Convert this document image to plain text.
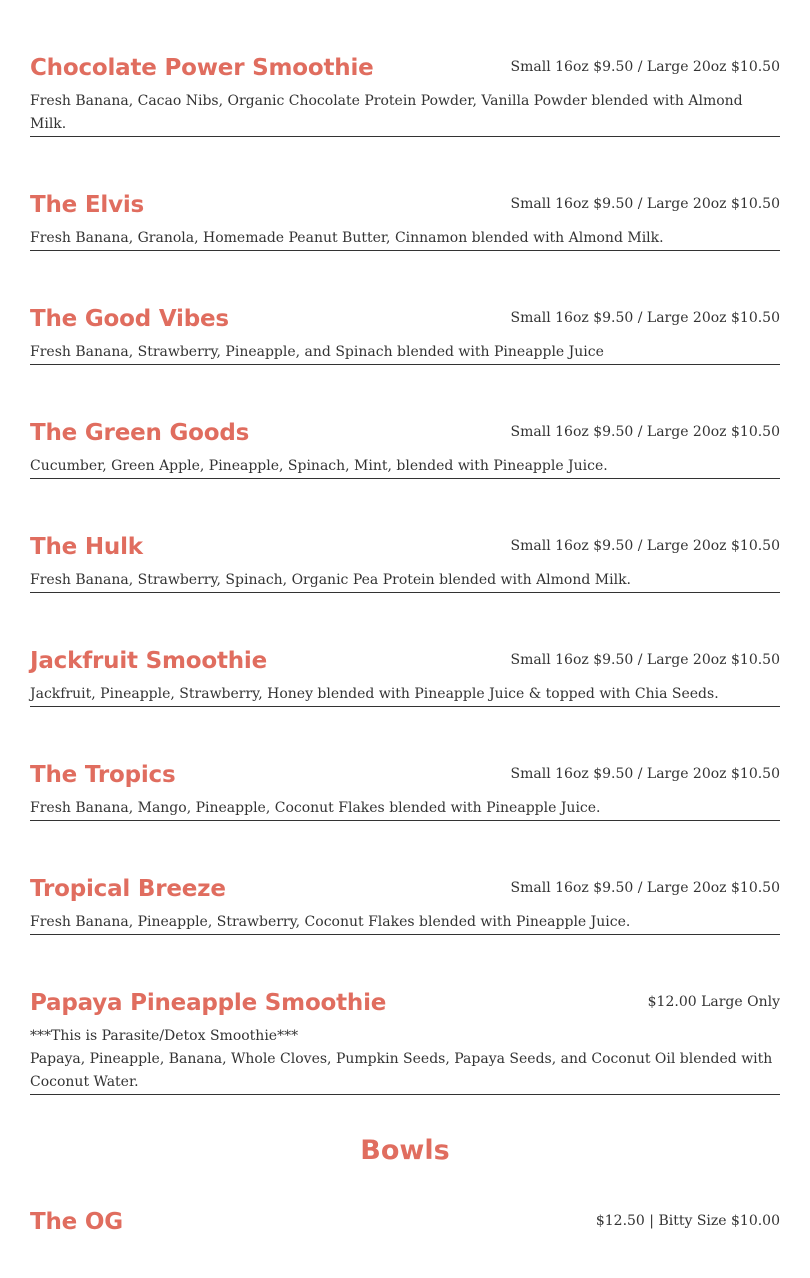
Chocolate Power Smoothie	Small 16oz $9.50 / Large 20oz $10.50
Fresh Banana, Cacao Nibs, Organic Chocolate Protein Powder, Vanilla Powder blended with Almond Milk.
The Elvis	Small 16oz $9.50 / Large 20oz $10.50
Fresh Banana, Granola, Homemade Peanut Butter, Cinnamon blended with Almond Milk.
The Good Vibes	Small 16oz $9.50 / Large 20oz $10.50
Fresh Banana, Strawberry, Pineapple, and Spinach blended with Pineapple Juice
The Green Goods	Small 16oz $9.50 / Large 20oz $10.50
Cucumber, Green Apple, Pineapple, Spinach, Mint, blended with Pineapple Juice.
The Hulk	Small 16oz $9.50 / Large 20oz $10.50
Fresh Banana, Strawberry, Spinach, Organic Pea Protein blended with Almond Milk.
Jackfruit Smoothie	Small 16oz $9.50 / Large 20oz $10.50
Jackfruit, Pineapple, Strawberry, Honey blended with Pineapple Juice & topped with Chia Seeds.
The Tropics	Small 16oz $9.50 / Large 20oz $10.50
Fresh Banana, Mango, Pineapple, Coconut Flakes blended with Pineapple Juice.
Tropical Breeze	Small 16oz $9.50 / Large 20oz $10.50
Fresh Banana, Pineapple, Strawberry, Coconut Flakes blended with Pineapple Juice.
Papaya Pineapple Smoothie	$12.00 Large Only

***This is Parasite/Detox Smoothie***

Papaya, Pineapple, Banana, Whole Cloves, Pumpkin Seeds, Papaya Seeds, and Coconut Oil blended with Coconut Water.

Bowls
The OG	$12.50 | Bitty Size $10.00
